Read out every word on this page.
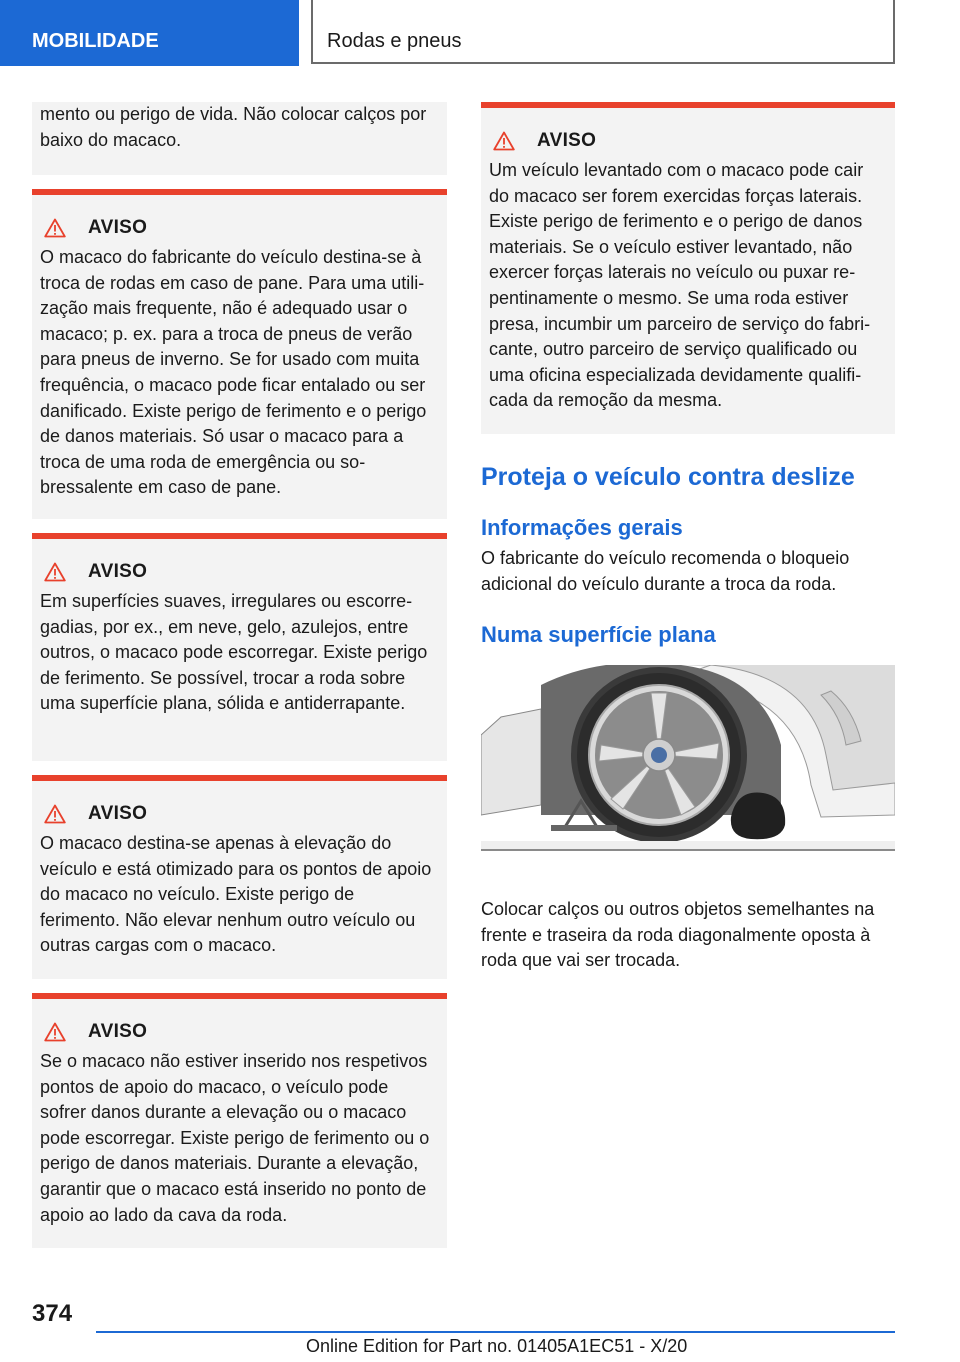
MOBILIDADE	Rodas e pneus

mento ou perigo de vida. Não colocar calços por baixo do macaco.

AVISO

O macaco do fabricante do veículo destina-se à troca de rodas em caso de pane. Para uma utilização mais frequente, não é adequado usar o macaco; p. ex. para a troca de pneus de verão para pneus de inverno. Se for usado com muita frequência, o macaco pode ficar entalado ou ser danificado. Existe perigo de ferimento e o perigo de danos materiais. Só usar o macaco para a troca de uma roda de emergência ou sobressalente em caso de pane.

AVISO

Em superfícies suaves, irregulares ou escorregadias, por ex., em neve, gelo, azulejos, entre outros, o macaco pode escorregar. Existe perigo de ferimento. Se possível, trocar a roda sobre uma superfície plana, sólida e antiderrapante.

AVISO

O macaco destina-se apenas à elevação do veículo e está otimizado para os pontos de apoio do macaco no veículo. Existe perigo de ferimento. Não elevar nenhum outro veículo ou outras cargas com o macaco.

AVISO

Se o macaco não estiver inserido nos respetivos pontos de apoio do macaco, o veículo pode sofrer danos durante a elevação ou o macaco pode escorregar. Existe perigo de ferimento ou o perigo de danos materiais. Durante a elevação, garantir que o macaco está inserido no ponto de apoio ao lado da cava da roda.

AVISO

Um veículo levantado com o macaco pode cair do macaco ser forem exercidas forças laterais. Existe perigo de ferimento e o perigo de danos materiais. Se o veículo estiver levantado, não exercer forças laterais no veículo ou puxar repentinamente o mesmo. Se uma roda estiver presa, incumbir um parceiro de serviço do fabricante, outro parceiro de serviço qualificado ou uma oficina especializada devidamente qualificada da remoção da mesma.

Proteja o veículo contra deslize
Informações gerais

O fabricante do veículo recomenda o bloqueio adicional do veículo durante a troca da roda.

Numa superfície plana

Colocar calços ou outros objetos semelhantes na frente e traseira da roda diagonalmente oposta à roda que vai ser trocada.

374
Online Edition for Part no. 01405A1EC51 - X/20
